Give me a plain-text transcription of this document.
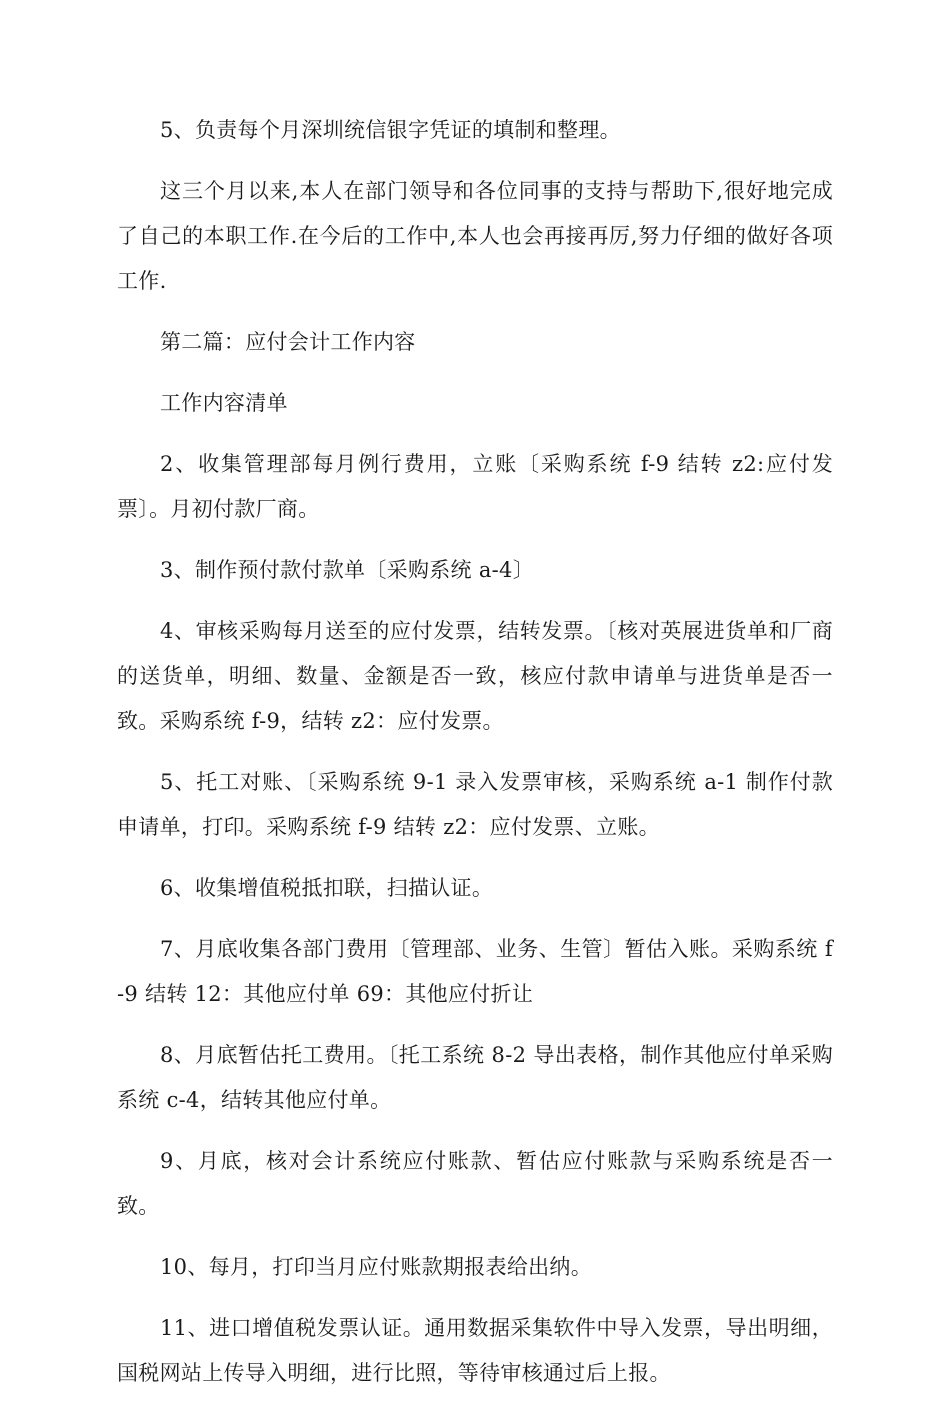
5、负责每个月深圳统信银字凭证的填制和整理。

这三个月以来,本人在部门领导和各位同事的支持与帮助下,很好地完成了自己的本职工作.在今后的工作中,本人也会再接再厉,努力仔细的做好各项工作.

第二篇：应付会计工作内容

工作内容清单

2、收集管理部每月例行费用，立账〔采购系统 f-9 结转 z2:应付发票〕。月初付款厂商。

3、制作预付款付款单〔采购系统 a-4〕

4、审核采购每月送至的应付发票，结转发票。〔核对英展进货单和厂商的送货单，明细、数量、金额是否一致，核应付款申请单与进货单是否一致。采购系统 f-9，结转 z2：应付发票。

5、托工对账、〔采购系统 9-1 录入发票审核，采购系统 a-1 制作付款申请单，打印。采购系统 f-9 结转 z2：应付发票、立账。

6、收集增值税抵扣联，扫描认证。

7、月底收集各部门费用〔管理部、业务、生管〕暂估入账。采购系统 f-9 结转 12：其他应付单 69：其他应付折让

8、月底暂估托工费用。〔托工系统 8-2 导出表格，制作其他应付单采购系统 c-4，结转其他应付单。

9、月底，核对会计系统应付账款、暂估应付账款与采购系统是否一致。

10、每月，打印当月应付账款期报表给出纳。

11、进口增值税发票认证。通用数据采集软件中导入发票，导出明细，国税网站上传导入明细，进行比照，等待审核通过后上报。
